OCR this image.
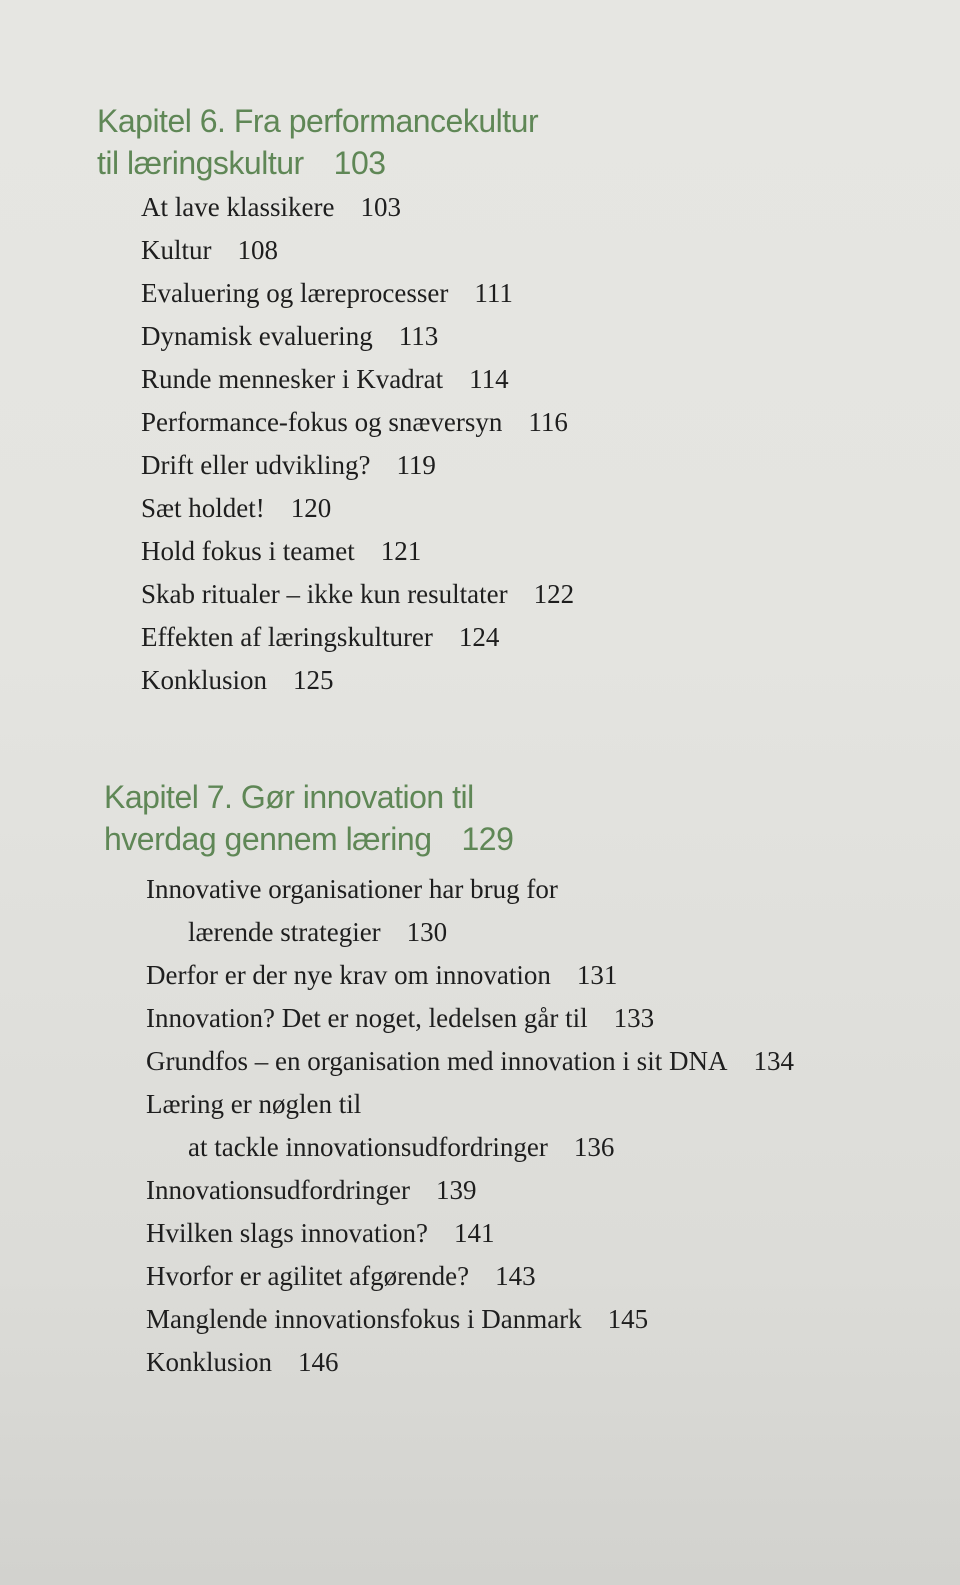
Kapitel 6. Fra performancekultur
til læringskultur 103
At lave klassikere 103
Kultur 108
Evaluering og læreprocesser 111
Dynamisk evaluering 113
Runde mennesker i Kvadrat 114
Performance-fokus og snæversyn 116
Drift eller udvikling? 119
Sæt holdet! 120
Hold fokus i teamet 121
Skab ritualer – ikke kun resultater 122
Effekten af læringskulturer 124
Konklusion 125
Kapitel 7. Gør innovation til
hverdag gennem læring 129
Innovative organisationer har brug for
lærende strategier 130
Derfor er der nye krav om innovation 131
Innovation? Det er noget, ledelsen går til 133
Grundfos – en organisation med innovation i sit DNA 134
Læring er nøglen til
at tackle innovationsudfordringer 136
Innovationsudfordringer 139
Hvilken slags innovation? 141
Hvorfor er agilitet afgørende? 143
Manglende innovationsfokus i Danmark 145
Konklusion 146
